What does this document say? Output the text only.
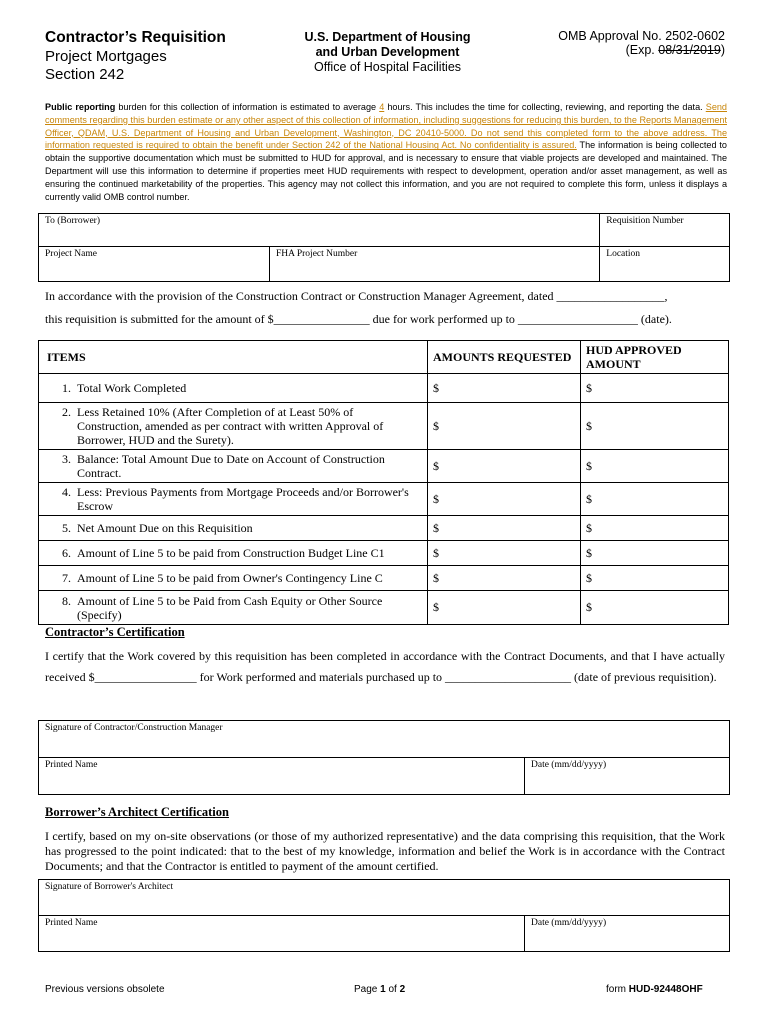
Contractor’s Requisition
Project Mortgages
Section 242
U.S. Department of Housing
and Urban Development
Office of Hospital Facilities
OMB Approval No. 2502-0602
(Exp. 08/31/2019)
Public reporting burden for this collection of information is estimated to average 4 hours. This includes the time for collecting, reviewing, and reporting the data. Send comments regarding this burden estimate or any other aspect of this collection of information, including suggestions for reducing this burden, to the Reports Management Officer, QDAM, U.S. Department of Housing and Urban Development, Washington, DC 20410-5000. Do not send this completed form to the above address. The information requested is required to obtain the benefit under Section 242 of the National Housing Act. No confidentiality is assured. The information is being collected to obtain the supportive documentation which must be submitted to HUD for approval, and is necessary to ensure that viable projects are developed and maintained. The Department will use this information to determine if properties meet HUD requirements with respect to development, operation and/or asset management, as well as ensuring the continued marketability of the properties. This agency may not collect this information, and you are not required to complete this form, unless it displays a currently valid OMB control number.
To (Borrower)		Requisition Number
Project Name	FHA Project Number	Location
In accordance with the provision of the Construction Contract or Construction Manager Agreement, dated __________________,
this requisition is submitted for the amount of $________________ due for work performed up to ____________________ (date).
ITEMS	AMOUNTS REQUESTED	HUD APPROVED AMOUNT

1. Total Work Completed	$	$

2. Less Retained 10% (After Completion of at Least 50% of Construction, amended as per contract with written Approval of Borrower, HUD and the Surety).	$	$

3. Balance: Total Amount Due to Date on Account of Construction Contract.	$	$

4. Less: Previous Payments from Mortgage Proceeds and/or Borrower's Escrow	$	$

5. Net Amount Due on this Requisition	$	$

6. Amount of Line 5 to be paid from Construction Budget Line C1	$	$

7. Amount of Line 5 to be paid from Owner's Contingency Line C	$	$

8. Amount of Line 5 to be Paid from Cash Equity or Other Source (Specify)	$	$
Contractor’s Certification
I certify that the Work covered by this requisition has been completed in accordance with the Contract Documents, and that I have actually received $_________________ for Work performed and materials purchased up to _____________________ (date of previous requisition).
Signature of Contractor/Construction Manager
Printed Name	Date (mm/dd/yyyy)
Borrower’s Architect Certification
I certify, based on my on-site observations (or those of my authorized representative) and the data comprising this requisition, that the Work has progressed to the point indicated: that to the best of my knowledge, information and belief the Work is in accordance with the Contract Documents; and that the Contractor is entitled to payment of the amount certified.
Signature of Borrower's Architect
Printed Name	Date (mm/dd/yyyy)
Previous versions obsolete	Page 1 of 2	form HUD-92448OHF
